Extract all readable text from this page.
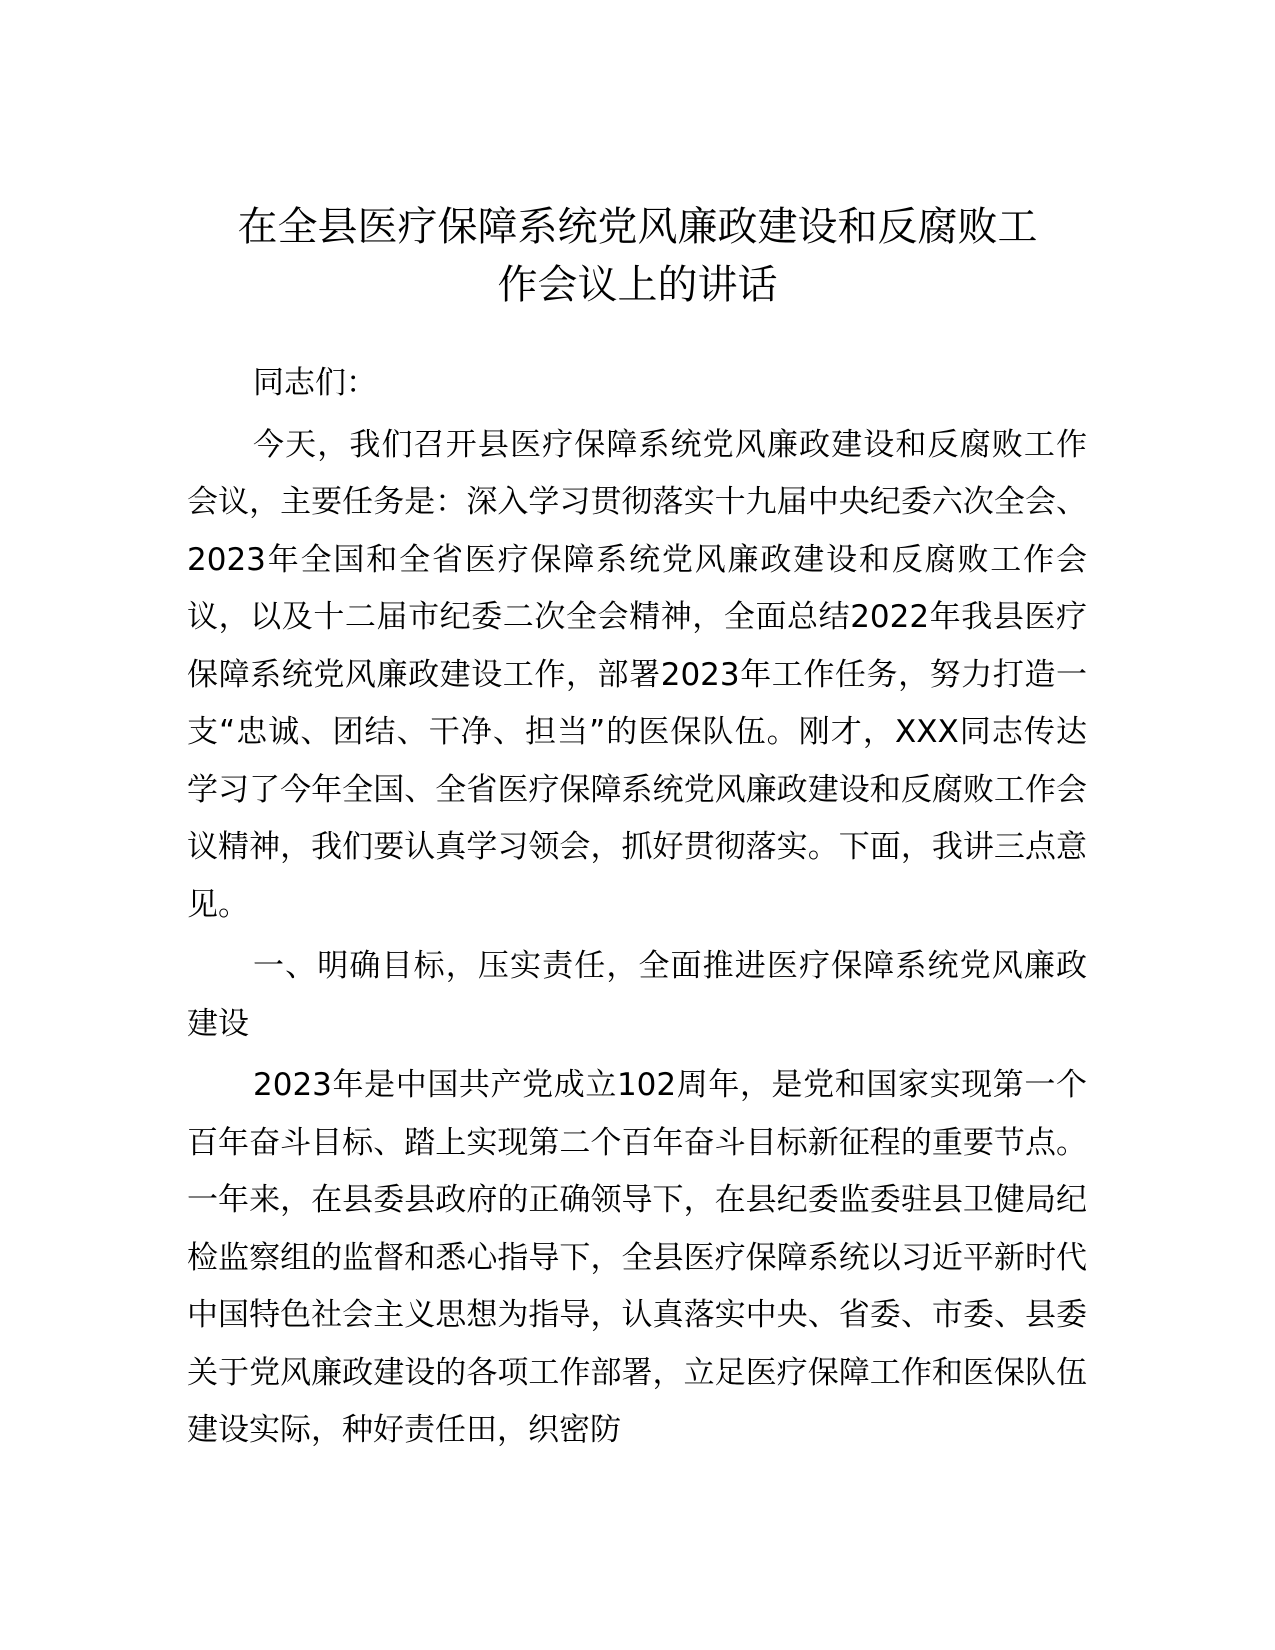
在全县医疗保障系统党风廉政建设和反腐败工
作会议上的讲话

同志们：

今天，我们召开县医疗保障系统党风廉政建设和反腐败工作会议，主要任务是：深入学习贯彻落实十九届中央纪委六次全会、2023年全国和全省医疗保障系统党风廉政建设和反腐败工作会议，以及十二届市纪委二次全会精神，全面总结2022年我县医疗保障系统党风廉政建设工作，部署2023年工作任务，努力打造一支“忠诚、团结、干净、担当”的医保队伍。刚才，XXX同志传达学习了今年全国、全省医疗保障系统党风廉政建设和反腐败工作会议精神，我们要认真学习领会，抓好贯彻落实。下面，我讲三点意见。

一、明确目标，压实责任，全面推进医疗保障系统党风廉政建设

2023年是中国共产党成立102周年，是党和国家实现第一个百年奋斗目标、踏上实现第二个百年奋斗目标新征程的重要节点。一年来，在县委县政府的正确领导下，在县纪委监委驻县卫健局纪检监察组的监督和悉心指导下，全县医疗保障系统以习近平新时代中国特色社会主义思想为指导，认真落实中央、省委、市委、县委关于党风廉政建设的各项工作部署，立足医疗保障工作和医保队伍建设实际，种好责任田，织密防
